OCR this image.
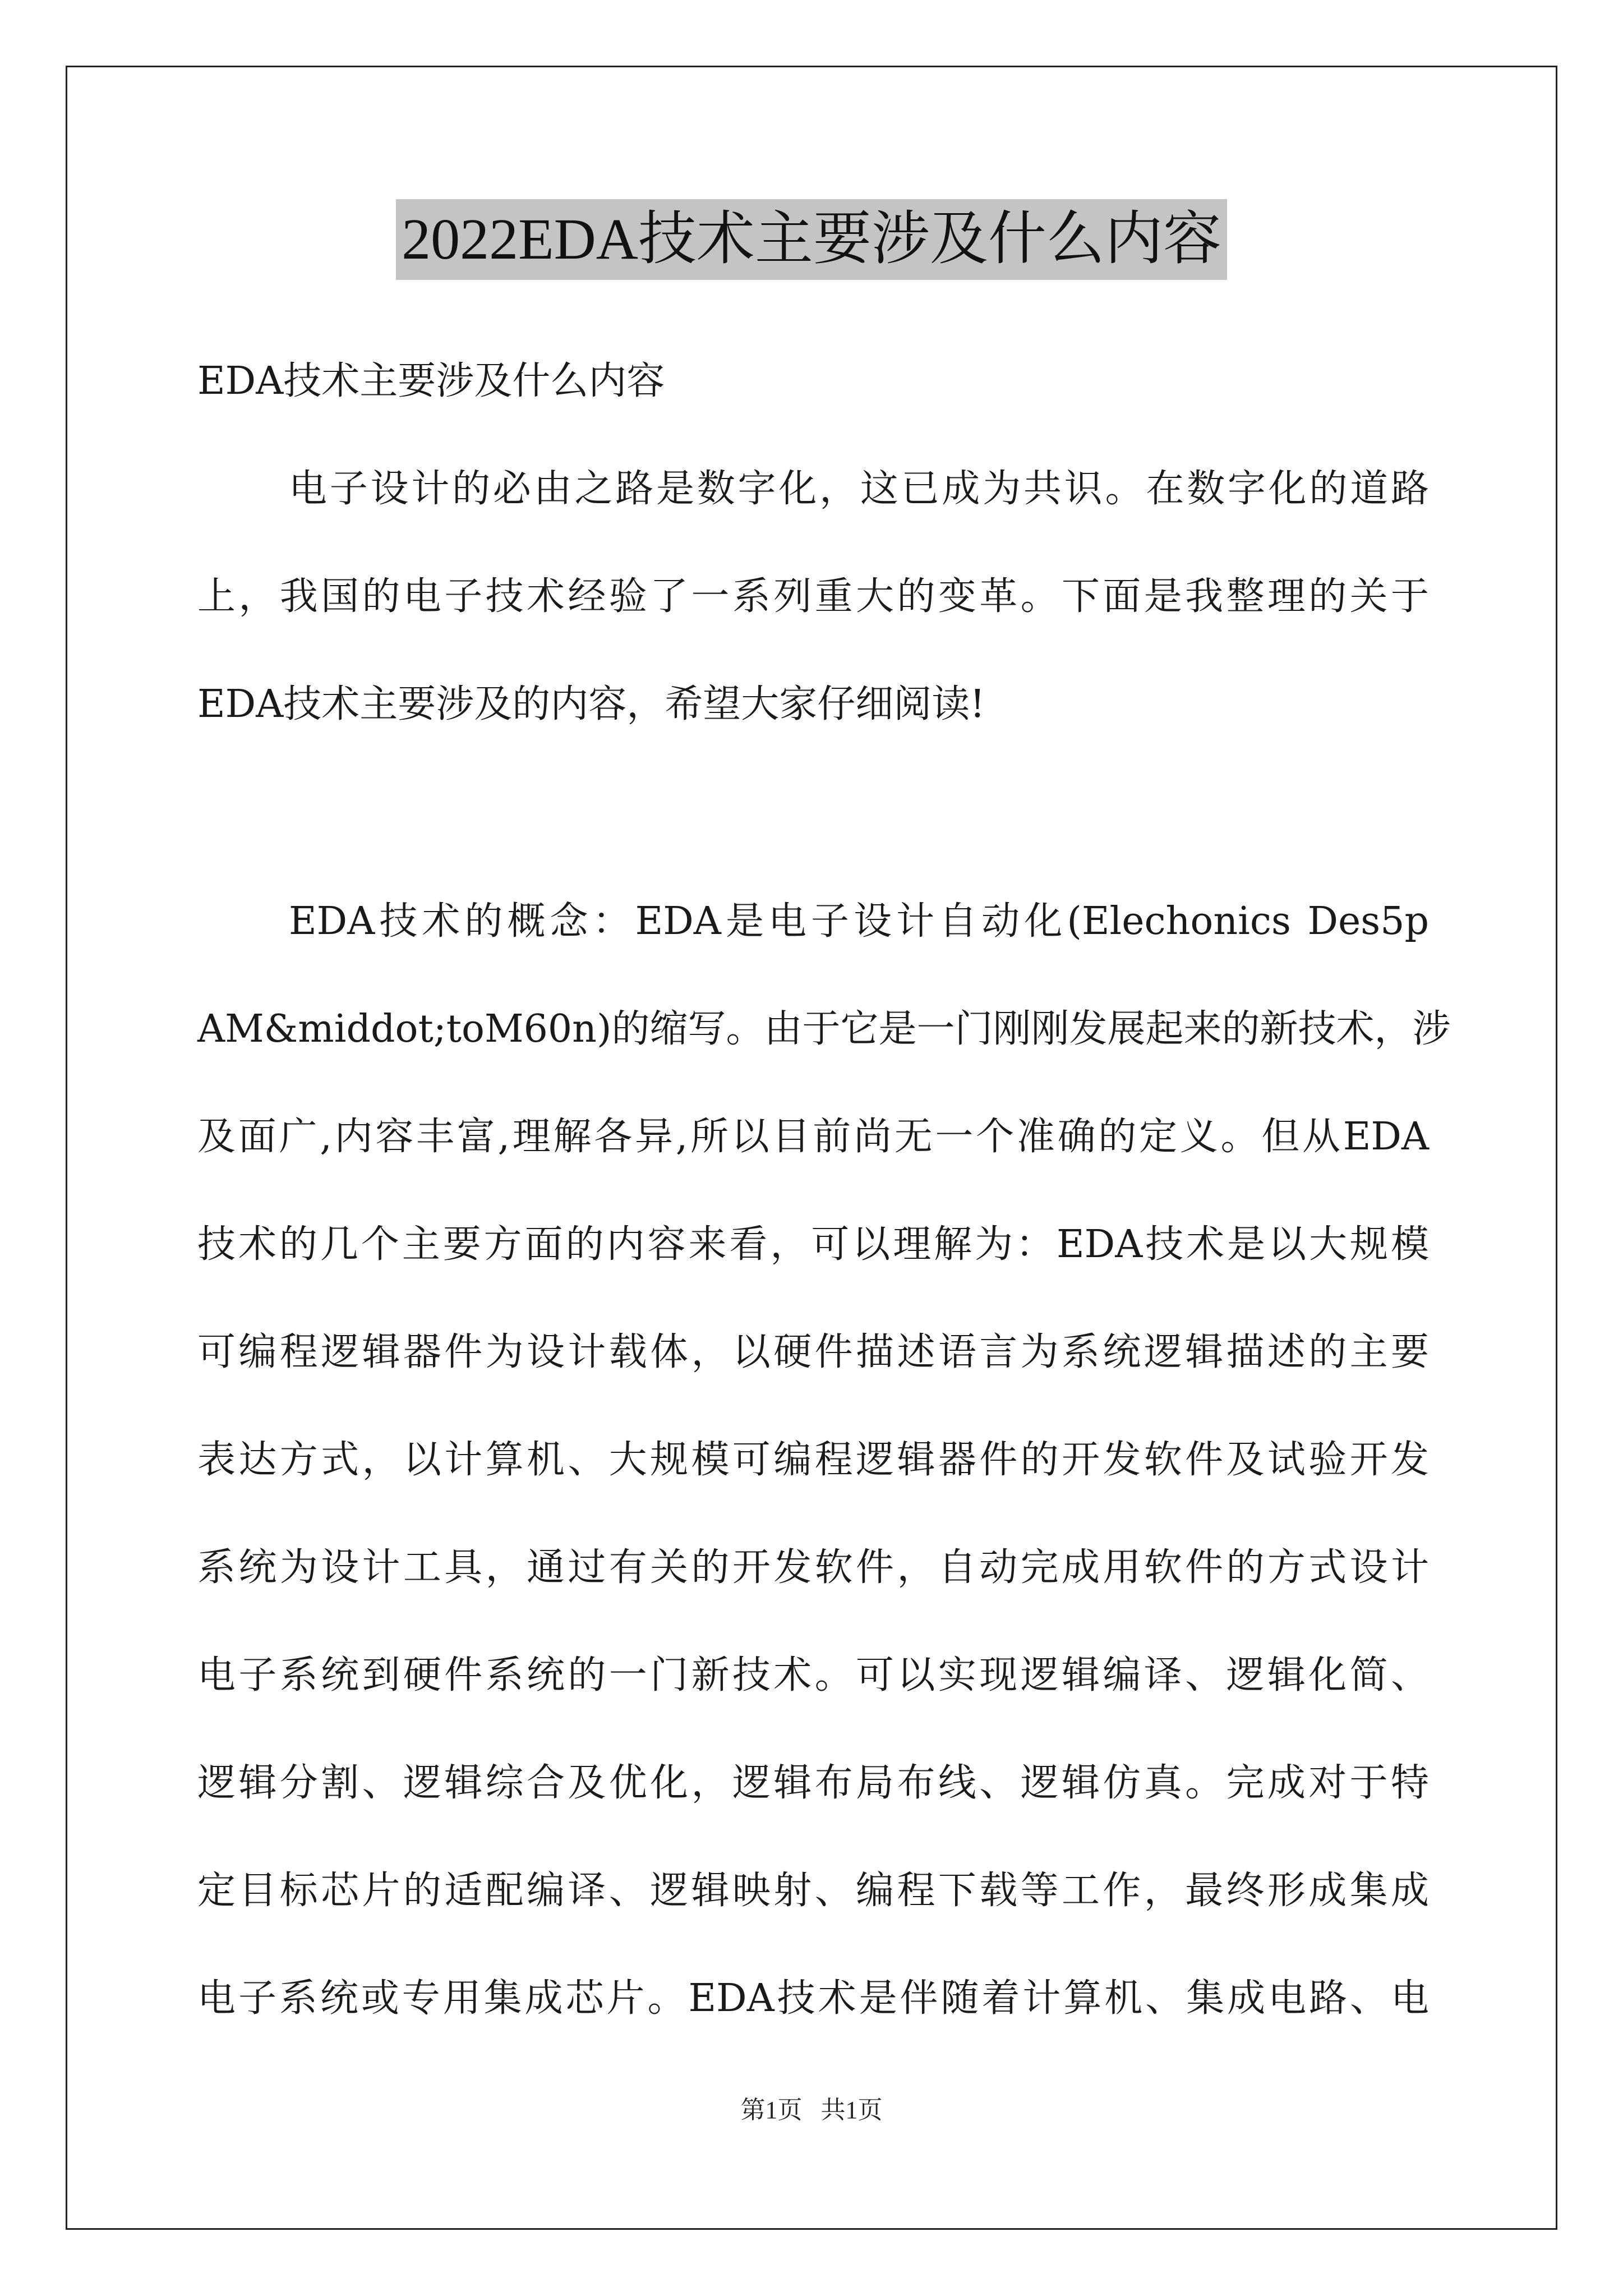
2022EDA技术主要涉及什么内容
EDA技术主要涉及什么内容
电子设计的必由之路是数字化，这已成为共识。在数字化的道路
上，我国的电子技术经验了一系列重大的变革。下面是我整理的关于
EDA技术主要涉及的内容，希望大家仔细阅读!
EDA技术的概念：EDA是电子设计自动化(Elechonics Des5p
AM&middot;toM60n)的缩写。由于它是一门刚刚发展起来的新技术，涉
及面广,内容丰富,理解各异,所以目前尚无一个准确的定义。但从EDA
技术的几个主要方面的内容来看，可以理解为：EDA技术是以大规模
可编程逻辑器件为设计载体，以硬件描述语言为系统逻辑描述的主要
表达方式，以计算机、大规模可编程逻辑器件的开发软件及试验开发
系统为设计工具，通过有关的开发软件，自动完成用软件的方式设计
电子系统到硬件系统的一门新技术。可以实现逻辑编译、逻辑化简、
逻辑分割、逻辑综合及优化，逻辑布局布线、逻辑仿真。完成对于特
定目标芯片的适配编译、逻辑映射、编程下载等工作，最终形成集成
电子系统或专用集成芯片。EDA技术是伴随着计算机、集成电路、电
第1页   共1页
